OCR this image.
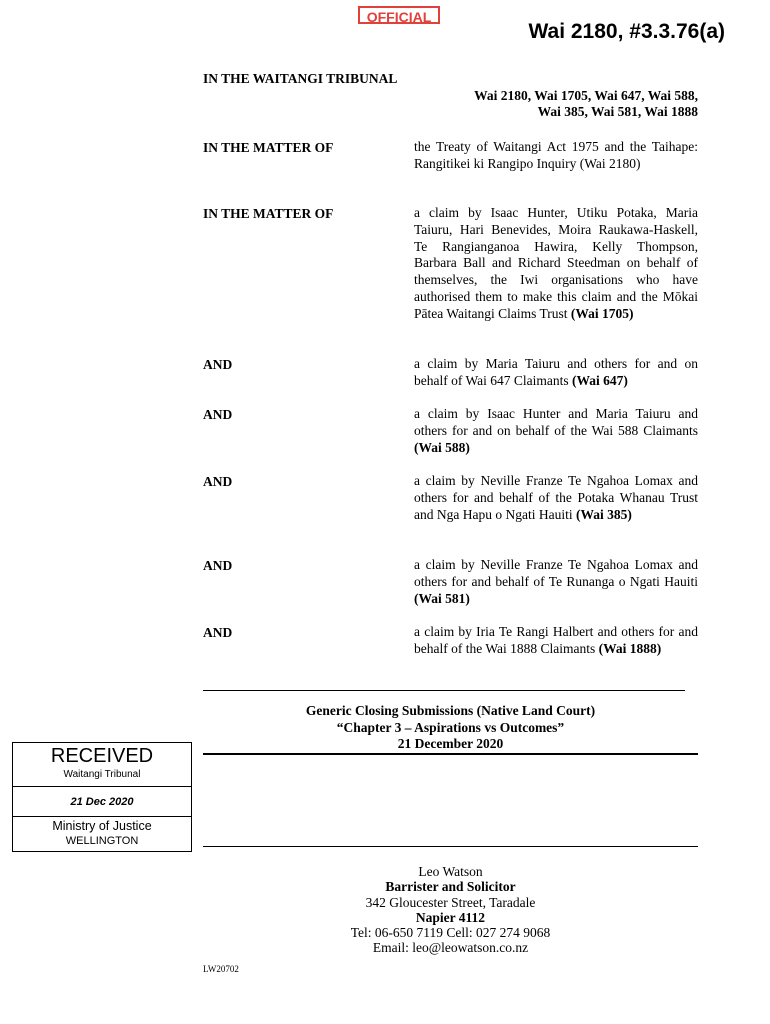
OFFICIAL
Wai 2180, #3.3.76(a)
IN THE WAITANGI TRIBUNAL
Wai 2180, Wai 1705, Wai 647, Wai 588,
Wai 385, Wai 581, Wai 1888
IN THE MATTER OF	the Treaty of Waitangi Act 1975 and the Taihape: Rangitikei ki Rangipo Inquiry (Wai 2180)
IN THE MATTER OF	a claim by Isaac Hunter, Utiku Potaka, Maria Taiuru, Hari Benevides, Moira Raukawa-Haskell, Te Rangianganoa Hawira, Kelly Thompson, Barbara Ball and Richard Steedman on behalf of themselves, the Iwi organisations who have authorised them to make this claim and the Mōkai Pātea Waitangi Claims Trust (Wai 1705)
AND	a claim by Maria Taiuru and others for and on behalf of Wai 647 Claimants (Wai 647)
AND	a claim by Isaac Hunter and Maria Taiuru and others for and on behalf of the Wai 588 Claimants (Wai 588)
AND	a claim by Neville Franze Te Ngahoa Lomax and others for and behalf of the Potaka Whanau Trust and Nga Hapu o Ngati Hauiti (Wai 385)
AND	a claim by Neville Franze Te Ngahoa Lomax and others for and behalf of Te Runanga o Ngati Hauiti (Wai 581)
AND	a claim by Iria Te Rangi Halbert and others for and behalf of the Wai 1888 Claimants (Wai 1888)
Generic Closing Submissions (Native Land Court)
“Chapter 3 – Aspirations vs Outcomes”
21 December 2020
RECEIVED
Waitangi Tribunal
21 Dec 2020
Ministry of Justice
WELLINGTON
Leo Watson
Barrister and Solicitor
342 Gloucester Street, Taradale
Napier 4112
Tel: 06-650 7119 Cell: 027 274 9068
Email: leo@leowatson.co.nz
LW20702
